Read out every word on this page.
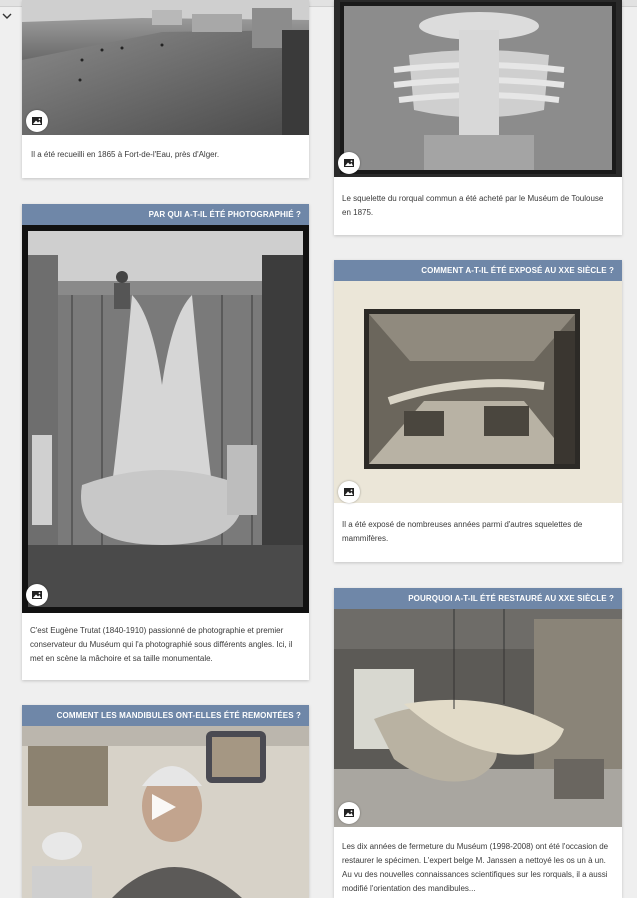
Il a été recueilli en 1865 à Fort-de-l'Eau, près d'Alger.
Le squelette du rorqual commun a été acheté par le Muséum de Toulouse en 1875.
PAR QUI A-T-IL ÉTÉ PHOTOGRAPHIÉ ?
C'est Eugène Trutat (1840-1910) passionné de photographie et premier conservateur du Muséum qui l'a photographié sous différents angles. Ici, il met en scène la mâchoire et sa taille monumentale.
COMMENT A-T-IL ÉTÉ EXPOSÉ AU XXE SIÈCLE ?
Il a été exposé de nombreuses années parmi d'autres squelettes de mammifères.
POURQUOI A-T-IL ÉTÉ RESTAURÉ AU XXE SIÈCLE ?
Les dix années de fermeture du Muséum (1998-2008) ont été l'occasion de restaurer le spécimen. L'expert belge M. Janssen a nettoyé les os un à un. Au vu des nouvelles connaissances scientifiques sur les rorquals, il a aussi modifié l'orientation des mandibules...
COMMENT LES MANDIBULES ONT-ELLES ÉTÉ REMONTÉES ?
